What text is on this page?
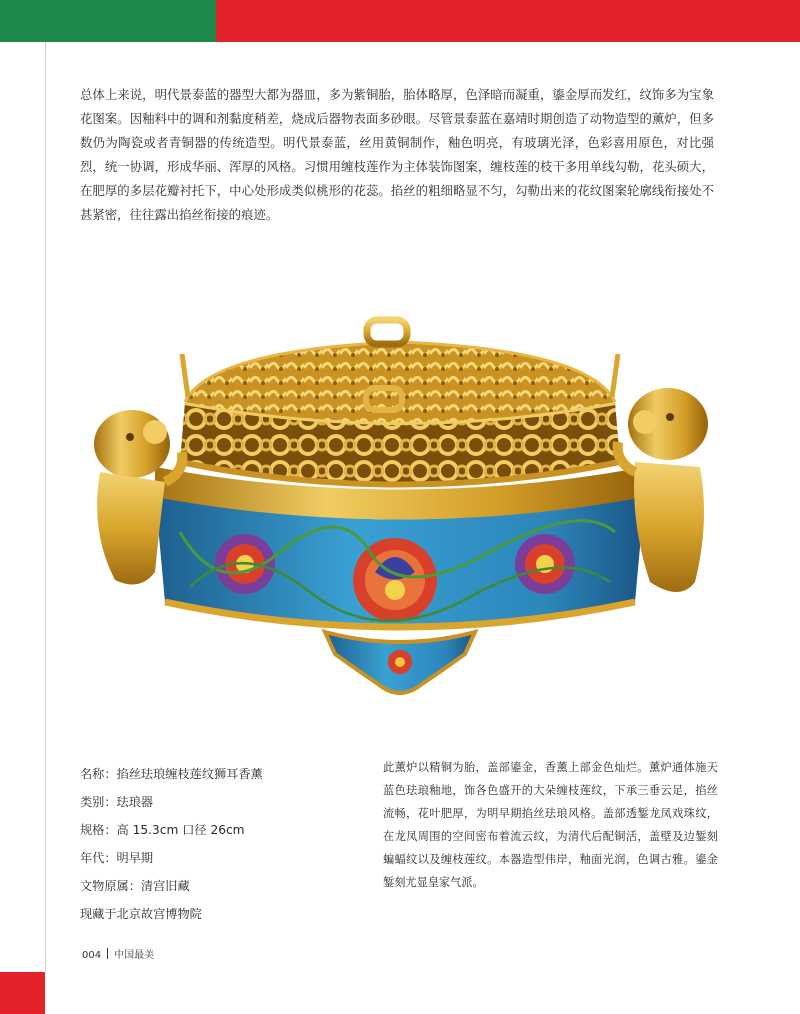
总体上来说，明代景泰蓝的器型大都为器皿，多为紫铜胎，胎体略厚，色泽暗而凝重，鎏金厚而发红，纹饰多为宝象花图案。因釉料中的调和剂黏度稍差，烧成后器物表面多砂眼。尽管景泰蓝在嘉靖时期创造了动物造型的薰炉，但多数仍为陶瓷或者青铜器的传统造型。明代景泰蓝，丝用黄铜制作，釉色明亮，有玻璃光泽，色彩喜用原色，对比强烈，统一协调，形成华丽、浑厚的风格。习惯用缠枝莲作为主体装饰图案，缠枝莲的枝干多用单线勾勒，花头硕大，在肥厚的多层花瓣衬托下，中心处形成类似桃形的花蕊。掐丝的粗细略显不匀，勾勒出来的花纹图案轮廓线衔接处不甚紧密，往往露出掐丝衔接的痕迹。
名称：掐丝珐琅缠枝莲纹狮耳香薰
类别：珐琅器
规格：高 15.3cm 口径 26cm
年代：明早期
文物原属：清宫旧藏
现藏于北京故宫博物院
此薰炉以精铜为胎，盖部鎏金，香薰上部金色灿烂。薰炉通体施天蓝色珐琅釉地，饰各色盛开的大朵缠枝莲纹，下承三垂云足，掐丝流畅，花叶肥厚，为明早期掐丝珐琅风格。盖部透錾龙凤戏珠纹，在龙凤周围的空间密布着流云纹，为清代后配铜活，盖壁及边錾刻蝙蝠纹以及缠枝莲纹。本器造型伟岸，釉面光润，色调古雅。鎏金錾刻尤显皇家气派。
004 中国最美
